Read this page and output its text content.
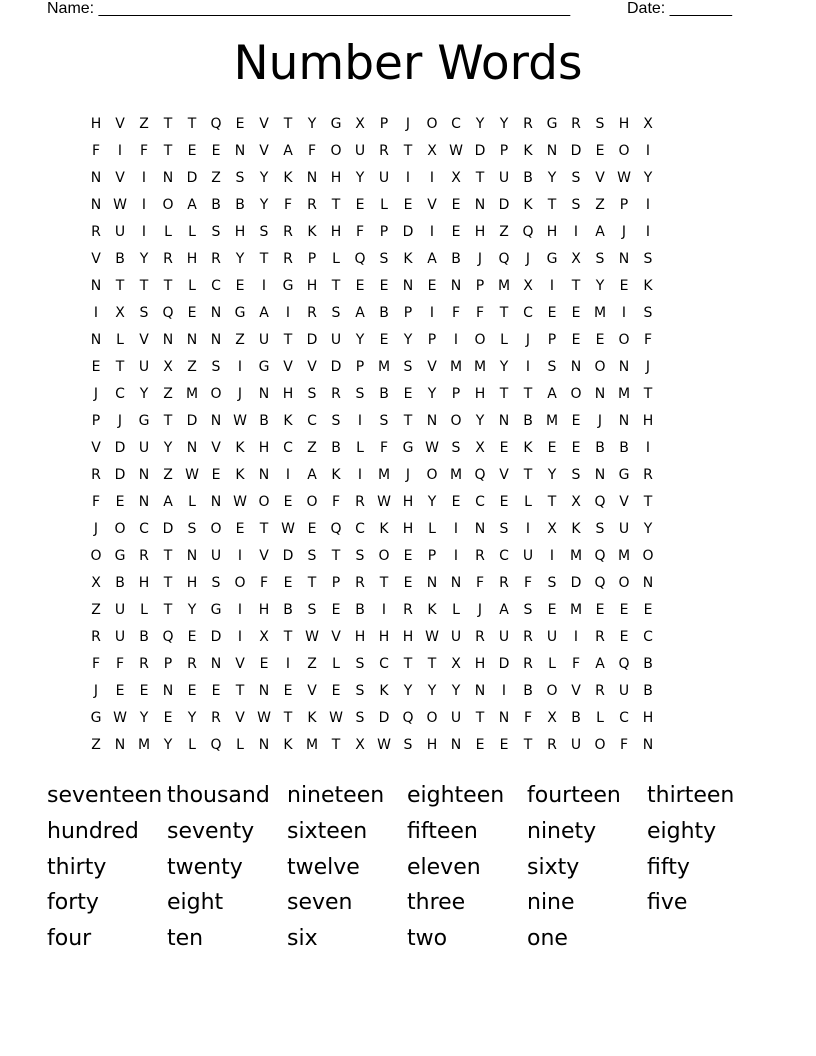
Name: _____________________________________________________	Date: _______
Number Words
H V	Z	T	T	Q	E	V	T	Y	G X	P	J	O C	Y	Y	R G R	S	H X
F	I	F	T	E	E	N V	A	F	O U	R	T	X W D	P	K	N D	E	O	I
N V	I	N D Z	S	Y	K	N H	Y	U	I	I	X	T	U	B	Y	S	V W Y
N W	I	O A	B	B	Y	F	R	T	E	L	E	V	E	N D	K	T	S	Z	P	I
R	U	I	L	L	S	H	S	R	K	H	F	P	D	I	E	H Z Q H	I	A	J	I
V	B	Y	R H R	Y	T	R	P	L	Q	S	K	A	B	J	Q	J	G X	S	N	S
N	T	T	T	L	C	E	I	G H	T	E	E	N	E	N	P M X	I	T	Y	E	K
I	X	S	Q	E	N G A	I	R	S	A	B	P	I	F	F	T	C	E	E M	I	S
N	L	V N N N Z	U	T	D U	Y	E	Y	P	I	O	L	J	P	E	E	O	F
E	T	U	X	Z	S	I	G V	V D	P M S	V M M Y	I	S	N O N	J
J	C	Y	Z M O	J	N H	S	R	S	B	E	Y	P	H	T	T	A O N M T
P	J	G	T	D N W B	K	C	S	I	S	T	N O	Y	N B M E	J	N H
V D U	Y	N V	K	H C	Z	B	L	F	G W S	X	E	K	E	E	B	B	I
R D N Z W E	K	N	I	A	K	I	M	J	O M Q V	T	Y	S	N G R
F	E	N A	L	N W O	E	O	F	R W H	Y	E	C	E	L	T	X Q V	T
J	O C D	S	O	E	T W E	Q C	K	H	L	I	N	S	I	X	K	S	U	Y
O G R	T	N U	I	V D	S	T	S	O	E	P	I	R	C U	I	M Q M O
X	B H	T	H	S	O	F	E	T	P	R	T	E	N N	F	R	F	S	D Q O N
Z	U	L	T	Y	G	I	H B	S	E	B	I	R	K	L	J	A	S	E M E	E	E
R	U	B Q	E	D	I	X	T W V H H H W U	R	U	R	U	I	R	E	C
F	F	R	P	R N V	E	I	Z	L	S	C	T	T	X H D R	L	F	A Q B
J	E	E	N	E	E	T	N	E	V	E	S	K	Y	Y	Y	N	I	B O V	R	U	B
G W Y	E	Y	R	V W T	K W S	D Q O U	T	N	F	X	B	L	C H
Z N M Y	L	Q	L	N	K M T	X W S	H N	E	E	T	R	U O	F	N
seventeen thousand nineteen	eighteen	fourteen	thirteen
hundred	seventy	sixteen	fifteen	ninety	eighty
thirty	twenty	twelve	eleven	sixty	fifty
forty	eight	seven	three	nine	five
four	ten	six	two	one
